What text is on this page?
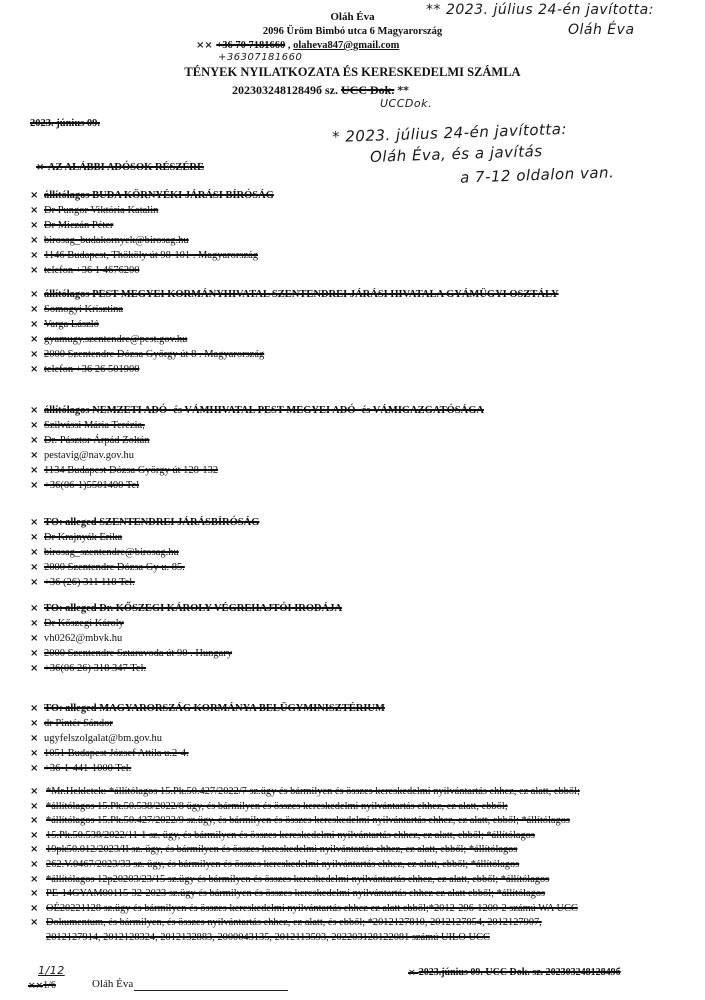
Oláh Éva
2096 Üröm Bimbó utca 6 Magyarország
×× +36 70 7181660 , olaheva847@gmail.com
+36307181660
TÉNYEK NYILATKOZATA ÉS KERESKEDELMI SZÁMLA
20230324812849б sz. UCC Dok. **
UCCDok.
** 2023. július 24-én javította:
Oláh Éva
2023. június 09.	* 2023. július 24-én javította:
Oláh Éva, és a javítás
a 7-12 oldalon van.
× AZ ALÁBBI ADÓSOK RÉSZÉRE
× állítólagos BUDA KÖRNYÉKI JÁRÁSI BÍRÓSÁG
× Dr Pungor Viktória Katalin
× Dr Miczán Péter
× birosag_budakornyek@birosag.hu
× 1146 Budapest, Thököly út 98-101 . Magyarország
× telefon +36 1 4676200
× állítólagos PEST MEGYEI KORMÁNYHIVATAL SZENTENDREI JÁRÁSI HIVATALA GYÁMÜGYI OSZTÁLY
× Somogyi Krisztina
× Varga László
× gyamugy.szentendre@pest.gov.hu
× 2000 Szentendre Dózsa György út 8 . Magyarország
× telefon +36 26 501900
× állítólagos NEMZETI ADÓ -és VÁMHIVATAL PEST MEGYEI ADÓ -és VÁMIGAZGATÓSÁGA
× Szilvássi Mária Terézia,
× Dr. Pásztor Árpád Zoltán
× pestavig@nav.gov.hu
× 1134 Budapest Dózsa György út 128-132
× +36(06-1)5501400 Tel
× TO: alleged SZENTENDREI JÁRÁSBÍRÓSÁG
× Dr Krajnyák Erika
× birosag_szentendre@birosag.hu
× 2000 Szentendre Dózsa Gy u. 85.
× +36 (26) 311 118 Tel.
× TO: alleged Dr. KŐSZEGI KÁROLY VÉGREHAJTÓI IRODÁJA
× Dr Kőszegi Károly
× vh0262@mbvk.hu
× 2000 Szentendre Sztaravoda út 90 . Hungary
× +36(06 26) 318 347 Tel.
× TO: alleged MAGYARORSZÁG KORMÁNYA BELÜGYMINISZTÉRIUM
× dr Pintér Sándor
× ugyfelszolgalat@bm.gov.hu
× 1051 Budapest József Attila u.2-4.
× +36-1-441-1000 Tel.
× *Mr.Hekletek: *állítólagos 15.Pk.50.427/2022/7 sz.ügy és bármilyen és összes kereskedelmi nyilvántartás ehhez, ez alatt, ebből;
× *állítólagos 15.Pk.50.538/2022/8 ügy, és bármilyen és összes kereskedelmi nyilvántartás ehhez, ez alatt, ebből;
× *állítólagos 15.Pk.50.427/2022/9 sz.ügy, és bármilyen és összes kereskedelmi nyilvántartás ehhez, ez alatt, ebből; *állítólagos
× 15.Pk.50.538/2022/11-1 sz. ügy, és bármilyen és összes kereskedelmi nyilvántartás ehhez, ez alatt, ebből; *állítólagos
× 19pk50.012/2023/II sz. ügy, és bármilyen és összes kereskedelmi nyilvántartás ehhez, ez alatt, ebből; *állítólagos
× 262.V.0467/2023/33 sz. ügy, és bármilyen és összes kereskedelmi nyilvántartás ehhez, ez alatt, ebből; *állítólagos
× *állítólagos 12p20203/23/15 sz.ügy és bármilyen és összes kereskedelmi nyilvántartás ehhez, ez alatt, ebből; *állítólagos
× PE-14GYAM00115-32-2023 sz.ügy és bármilyen és összes kereskedelmi nyilvántartás ehhez ez alatt ebből; *állítólagos
× OÉ20221128 sz.ügy és bármilyen és összes kereskedelmi nyilvántartás ehhez ez alatt ebből;*2012-296-1209-2 számú WA UCC
× Dokumentum, és bármilyen, és összes nyilvántartás ehhez, ez alatt, és ebből; *2012127810, 2012127854, 2012127907,
2012127914, 2012128324, 2012132883, 2000043135, 2012113593, 202203128122081 számú UILO UCC
1/12
××1/6	Oláh Éva
× 2023.június 09. UCC Dok. sz. 20230324812849б
